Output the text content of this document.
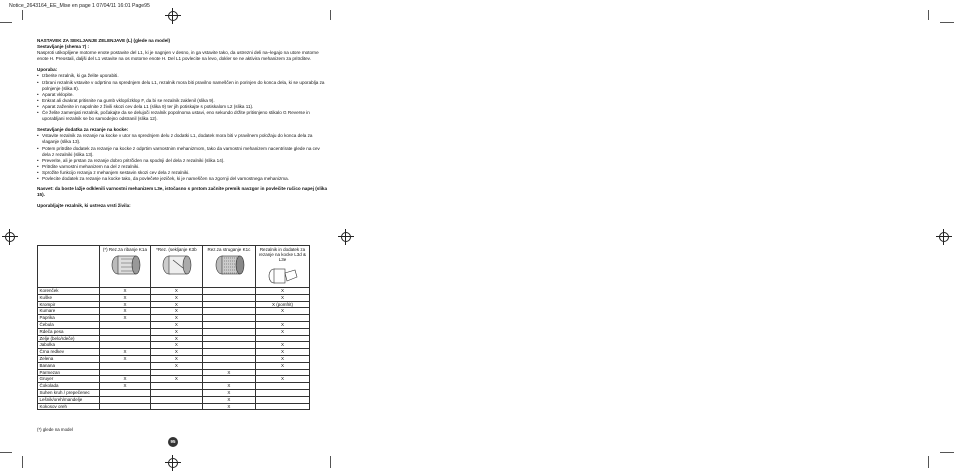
Notice_2643164_EE_Mise en page 1 07/04/11 16:01 Page95
NASTAVEK ZA SEKLJANJE ZELENJAVE (L) (glede na model)
Sestavljanje (shema 7) :
Nasproti utikoplijene motorne enote postavite del L1, ki je nagnjen v desno, in ga vstavite tako, da ustrezni deli na–legajo na utore motorne enote H. Preostali, daljši del L1 vstavite na os motorne enote H. Del L1 povlecite na levo, dokler se ne aktivira mehanizem za pritrditev.
Uporaba:
• Izberite rezalnik, ki ga želite uporabiti.
• Izbrani rezalnik vstavite v odprtino na sprednjem delu L1, rezalnik mora biti pravilno nameščen in porinjen do konca dela, ki se uporablja za polnjenje (slika 8).
• Aparat vklopite.
• Enkrat ali dvakrat pritisnite na gumb vklop/izklop F, da bi se rezalnik zaklenil (slika 9).
• Aparat zaženite in napolnite z živili skozi cev dela L1 (slika 9) ter jih potiskajte s potiskalom L2 (slika 11).
• Če želite zamenjati rezalnik, počakajte da se delujoči rezalnik popolnoma ustavi, eno sekundo držite pritisnjeno stikalo G Reverse in uporabljani rezalnik se bo samodejno odstranil (slika 12).
Sestavljanje dodatka za rezanje na kocke:
• Vstavite rezalnik za rezanje na kocke v utor na sprednjem delu z dodatki L1, dodatek mora biti v pravilnem položaju do konca dela za vlaganje (slika 13).
• Potem pritrdite dodatek za rezanje na kocke z odprtim varnostnim mehanizmom, tako da varnostni mehanizem nacentrirate glede na cev dela z rezalniki (slika 13).
• Preverite, ali je prstan za rezanje dobro pritrčiden na spodnji del dela z rezalniki (slika 14).
• Pritrdite varnostni mehanizem na del z rezalniki.
• Sprožite funkcijo rezanja z mehanjem sestavin skozi cev dela z rezalniki.
• Povlecite dodatek za rezanje na kocke tako, da povlečete jeziček, ki je nameščen na zgornji del varnostnega mehanizma.
Nasvet: da boste lažje odklenili varnostni mehanizem L3e, istočasno s prstom začnite premik navzgor in povlečite ručico napej (slika 15).
Uporabljajte rezalnik, ki ustreza vrsti živila:

	(*) Rez.za ribanje K1a	*Rez. (sekljanje K3b	Rez.za struganje K1c	Rezalnik in dodatek za rezanje na kocke L3d & L3e

Korenček	X	X		X
Kuške	X	X		X
Krompir	X	X		X (pomfrit)
Kumare	X	X		X
Paprika	X	X		
Čebula		X		X
Rdeča pesa		X		X
Zelje (belo/rdeče)		X		
Jabolka		X		X
Črna redkev	X	X		X
Zelena	X	X		X
Banana		X		X
Parmezan			X	
Gruyer	X	X		X
Čokolada	X		X	
Suhen kruh / prepečenec			X	
Lešnik/oreh/mandelje			X	
Kokosov oreh			X	
(*) glede na model
95
